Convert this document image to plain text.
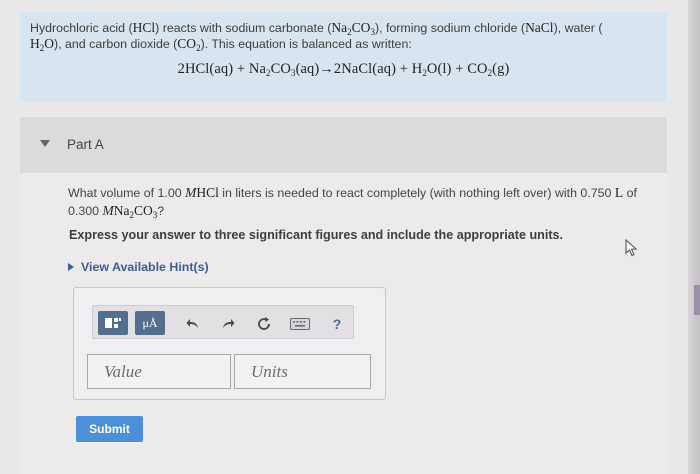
Hydrochloric acid (HCl) reacts with sodium carbonate $(Na_2CO_3)$, forming sodium chloride (NaCl), water (
$H_2O$), and carbon dioxide $(CO_2)$. This equation is balanced as written:
$2HCl(aq) + Na_2CO_3(aq)\to 2NaCl(aq) + H_2O(l) + CO_2(g)$
Part A
What volume of 1.00 MHCl in liters is needed to react completely (with nothing left over) with 0.750 L of
0.300 $MNa_2CO_3$?
Express your answer to three significant figures and include the appropriate units.
View Available Hint(s)
μÅ	?
Value	Units
Submit
